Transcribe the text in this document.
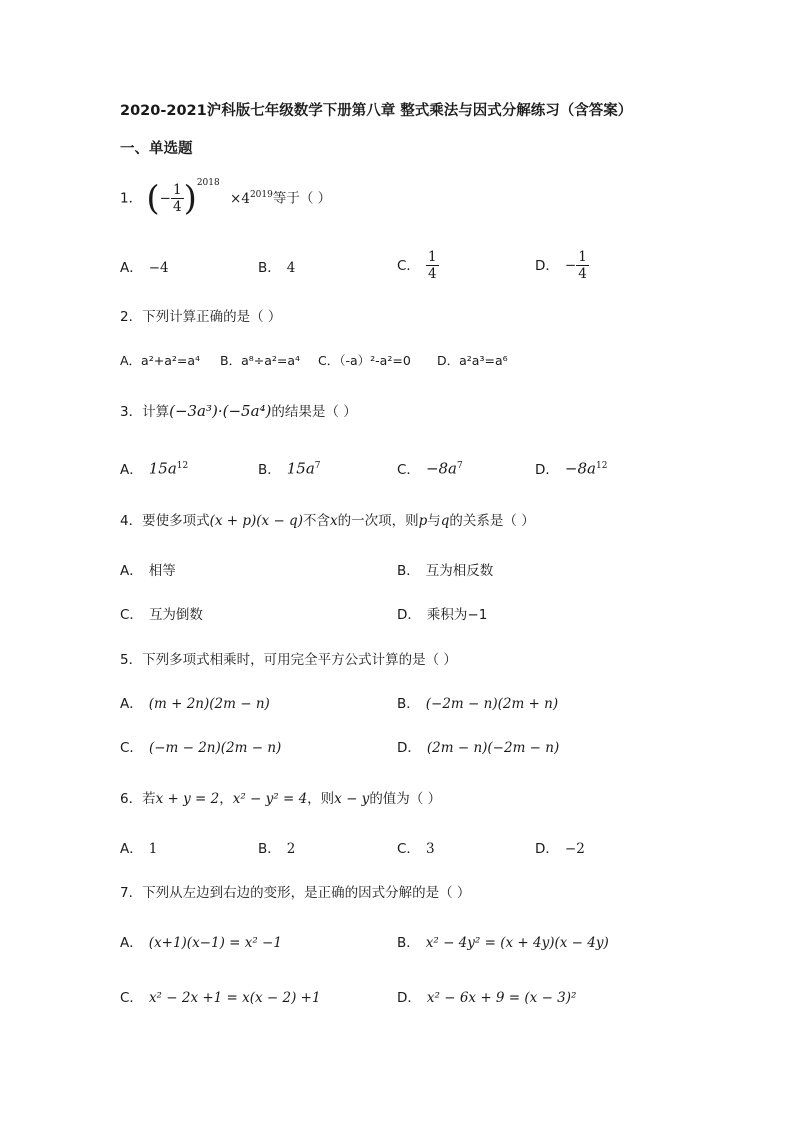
2020-2021沪科版七年级数学下册第八章 整式乘法与因式分解练习（含答案）
一、单选题
1． (− $\frac{1}{4} )^{2018} \times 4^{2019}$等于（ ）
A． −4	B． 4	C． $\frac{1}{4}$	D． − $\frac{1}{4}$
2．下列计算正确的是（ ）
A．a²+a²=a⁴ B．a⁸÷a²=a⁴ C．（-a）²-a²=0 D．a²a³=a⁶
3．计算(−3a³)·(−5a⁴)的结果是（ ）
A． $15a^{12}$	B． $15a^7$	C． $-8a^7$	D． $-8a^{12}$
4．要使多项式(x + p)(x − q)不含x的一次项，则p与q的关系是（ ）
A． 相等	B． 互为相反数
C． 互为倒数	D． 乘积为−1
5．下列多项式相乘时，可用完全平方公式计算的是（ ）
A． (m + 2n)(2m − n)	B． (−2m − n)(2m + n)
C． (−m − 2n)(2m − n)	D． (2m − n)(−2m − n)
6．若x + y = 2，x² − y² = 4，则x − y的值为（ ）
A． 1	B． 2	C． 3	D． −2
7．下列从左边到右边的变形，是正确的因式分解的是（ ）
A． (x+1)(x−1) = x² −1	B． x² − 4y² = (x + 4y)(x − 4y)
C． x² − 2x +1 = x(x − 2) +1	D． x² − 6x + 9 = (x − 3)²
